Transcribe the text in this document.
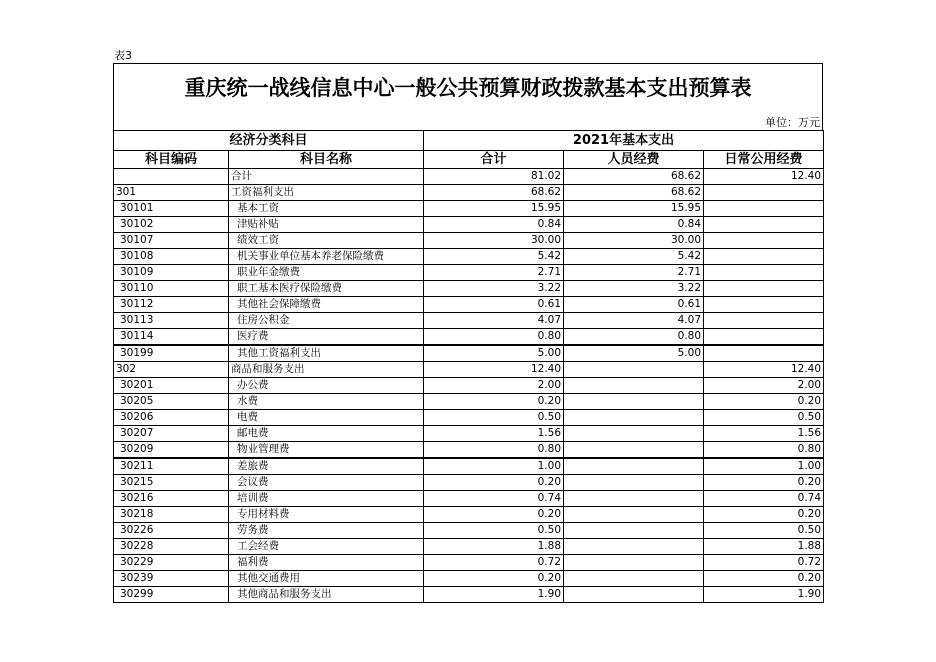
表3
重庆统一战线信息中心一般公共预算财政拨款基本支出预算表
单位：万元
经济分类科目		2021年基本支出		
科目编码	科目名称	合计	人员经费	日常公用经费
	合计	81.02	68.62	12.40
301	工资福利支出	68.62	68.62	
30101	基本工资	15.95	15.95	
30102	津贴补贴	0.84	0.84	
30107	绩效工资	30.00	30.00	
30108	机关事业单位基本养老保险缴费	5.42	5.42	
30109	职业年金缴费	2.71	2.71	
30110	职工基本医疗保险缴费	3.22	3.22	
30112	其他社会保障缴费	0.61	0.61	
30113	住房公积金	4.07	4.07	
30114	医疗费	0.80	0.80	
30199	其他工资福利支出	5.00	5.00	
302	商品和服务支出	12.40		12.40
30201	办公费	2.00		2.00
30205	水费	0.20		0.20
30206	电费	0.50		0.50
30207	邮电费	1.56		1.56
30209	物业管理费	0.80		0.80
30211	差旅费	1.00		1.00
30215	会议费	0.20		0.20
30216	培训费	0.74		0.74
30218	专用材料费	0.20		0.20
30226	劳务费	0.50		0.50
30228	工会经费	1.88		1.88
30229	福利费	0.72		0.72
30239	其他交通费用	0.20		0.20
30299	其他商品和服务支出	1.90		1.90
